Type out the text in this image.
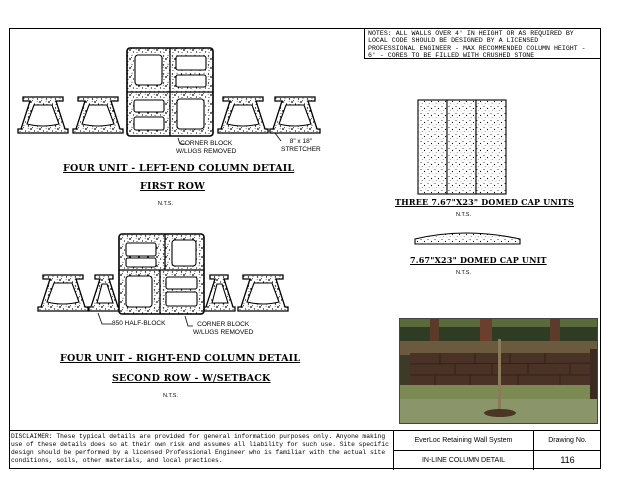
NOTES: ALL WALLS OVER 4' IN HEIGHT OR AS REQUIRED BY
LOCAL CODE SHOULD BE DESIGNED BY A LICENSED
PROFESSIONAL ENGINEER - MAX RECOMMENDED COLUMN HEIGHT -
6' - CORES TO BE FILLED WITH CRUSHED STONE
CORNER BLOCK
W/LUGS REMOVED
8" x 18"
STRETCHER
FOUR UNIT - LEFT-END COLUMN DETAIL
FIRST ROW
N.T.S.
850 HALF-BLOCK	CORNER BLOCK
W/LUGS REMOVED
FOUR UNIT - RIGHT-END COLUMN DETAIL
SECOND ROW - W/SETBACK
N.T.S.
THREE 7.67"X23" DOMED CAP UNITS
N.T.S.
7.67"X23" DOMED CAP UNIT
N.T.S.
DISCLAIMER: These typical details are provided for general information purposes only. Anyone making use of these details does so at their own risk and assumes all liability for such use. Site specific design should be performed by a licensed Professional Engineer who is familiar with the actual site conditions, soils, other materials, and local practices.
EverLoc Retaining Wall System
IN-LINE COLUMN DETAIL
Drawing No.
116
